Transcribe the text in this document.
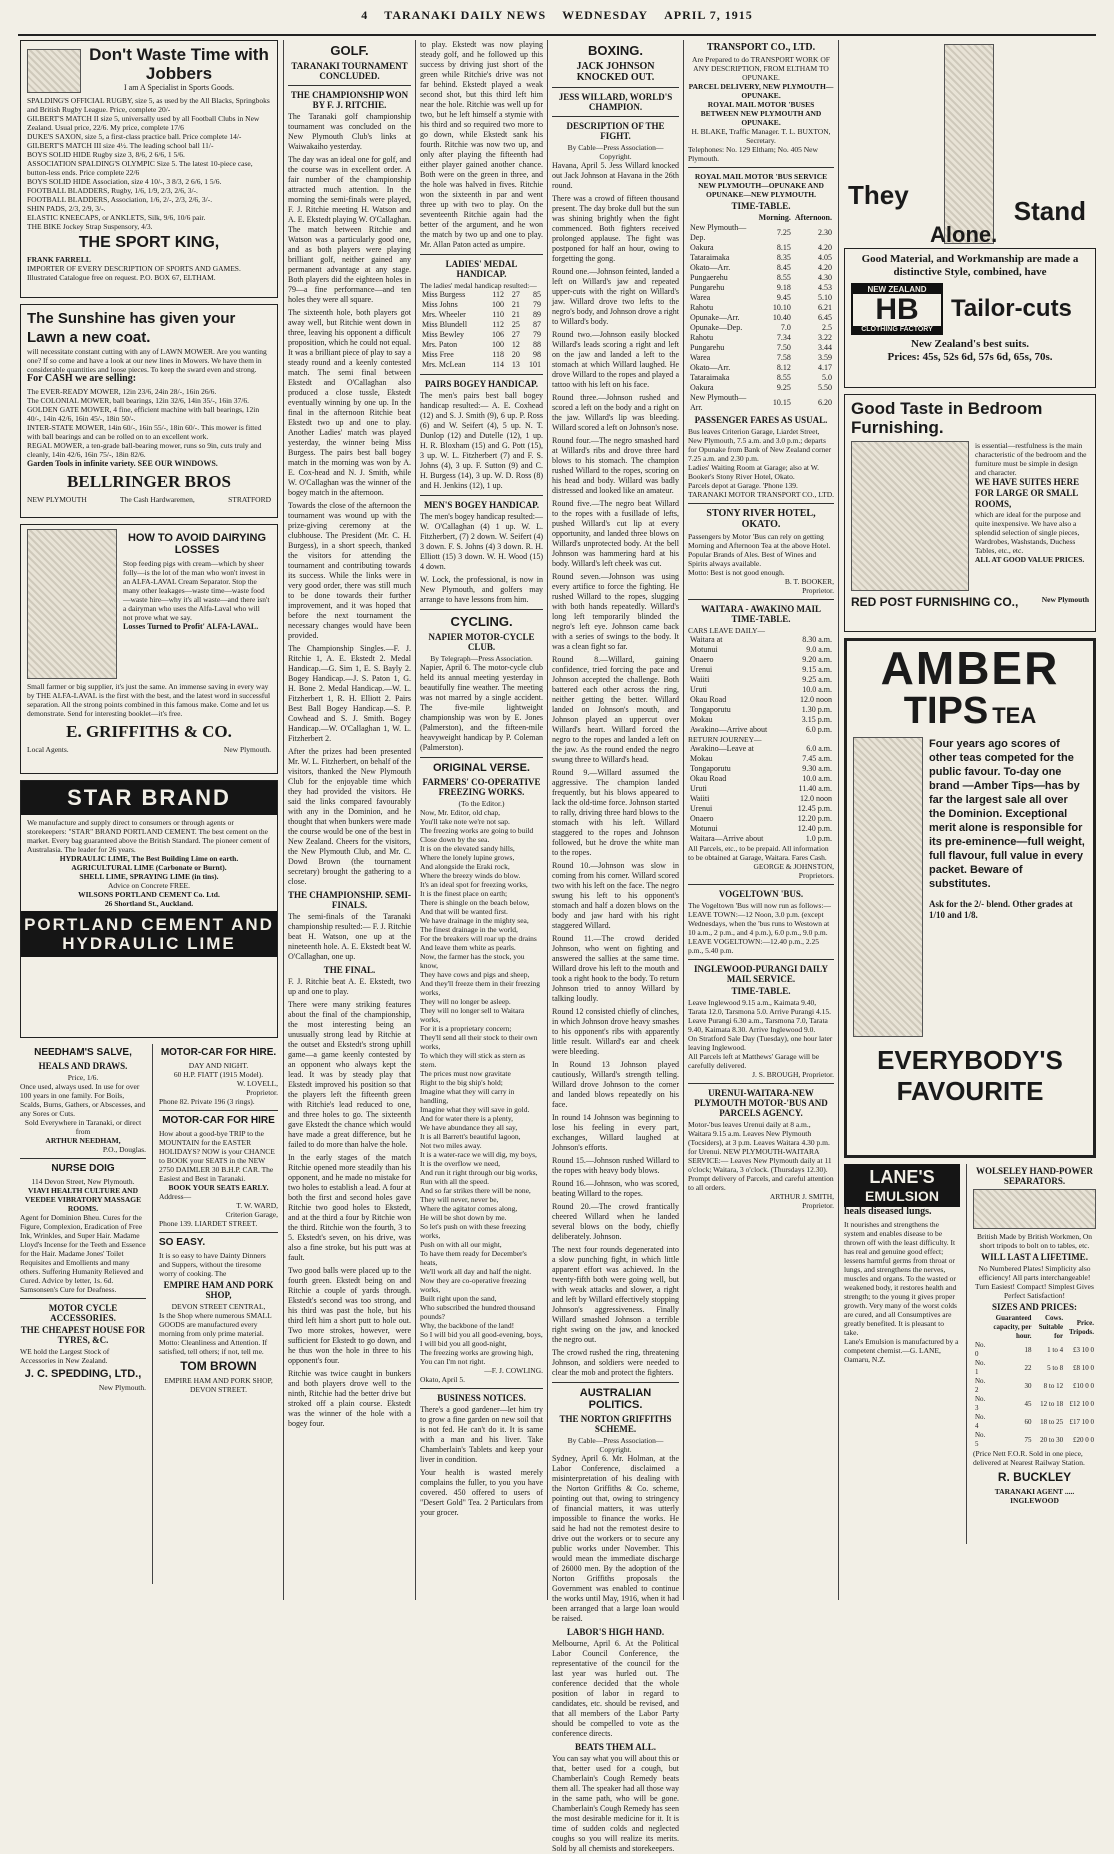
4 TARANAKI DAILY NEWS WEDNESDAY APRIL 7, 1915
Don't Waste Time with Jobbers
I am A Specialist in Sports Goods.
SPALDING'S OFFICIAL RUGBY, size 5, as used by the All Blacks, Springboks and British Rugby League. Price, complete 20/-
GILBERT'S MATCH II size 5, universally used by all Football Clubs in New Zealand. Usual price, 22/6. My price, complete 17/6
DUKE'S SAXON, size 5, a first-class practice ball. Price complete 14/-
GILBERT'S MATCH III size 4½. The leading school ball 11/-
BOYS SOLID HIDE Rugby size 3, 8/6, 2 6/6, 1 5/6.
ASSOCIATION SPALDING'S OLYMPIC Size 5. The latest 10-piece case, button-less ends. Price complete 22/6
BOYS SOLID HIDE Association, size 4 10/-, 3 8/3, 2 6/6, 1 5/6.
FOOTBALL BLADDERS, Rugby, 1/6, 1/9, 2/3, 2/6, 3/-.
FOOTBALL BLADDERS, Association, 1/6, 2/-, 2/3, 2/6, 3/-.
SHIN PADS, 2/3, 2/9, 3/-.
ELASTIC KNEECAPS, or ANKLETS, Silk, 9/6, 10/6 pair.
THE BIKE Jockey Strap Suspensory, 4/3.
THE SPORT KING,
FRANK FARRELL
IMPORTER OF EVERY DESCRIPTION OF SPORTS AND GAMES.
Illustrated Catalogue free on request. P.O. BOX 67, ELTHAM.
The Sunshine has given your Lawn a new coat.
will necessitate constant cutting with any of LAWN MOWER. Are you wanting one? If so come and have a look at our new lines in Mowers. We have them in considerable quantities and loose pieces. To keep the sward even and strong.
For CASH we are selling:
The EVER-READY MOWER, 12in 23/6, 24in 28/-, 16in 26/6.
The COLONIAL MOWER, ball bearings, 12in 32/6, 14in 35/-, 16in 37/6.
GOLDEN GATE MOWER, 4 fine, efficient machine with ball bearings, 12in 40/-, 14in 42/6, 16in 45/-, 18in 50/-.
INTER-STATE MOWER, 14in 60/-, 16in 55/-, 18in 60/-. This mower is fitted with ball bearings and can be rolled on to an excellent work.
REGAL MOWER, a ten-grade ball-bearing mower, runs so 9in, cuts truly and cleanly, 14in 42/6, 16in 75/-, 18in 82/6.
Garden Tools in infinite variety. SEE OUR WINDOWS.
BELLRINGER BROS
NEW PLYMOUTH	The Cash Hardwaremen,	STRATFORD
HOW TO AVOID DAIRYING LOSSES
Stop feeding pigs with cream—which by sheer folly—is the lot of the man who won't invest in an ALFA-LAVAL Cream Separator. Stop the many other leakages—waste time—waste food—waste hire—why it's all waste—and there isn't a dairyman who uses the Alfa-Laval who will not prove what we say.
Losses Turned to Profit' ALFA-LAVAL.
Small farmer or big supplier, it's just the same. An immense saving in every way by THE ALFA-LAVAL is the first with the best, and the latest word in successful separation. All the strong points combined in this famous make. Come and let us demonstrate. Send for interesting booklet—it's free.
E. GRIFFITHS & CO.
Local Agents.	New Plymouth.
STAR BRAND
We manufacture and supply direct to consumers or through agents or storekeepers: "STAR" BRAND PORTLAND CEMENT. The best cement on the market. Every bag guaranteed above the British Standard. The pioneer cement of Australasia. The leader for 26 years.
HYDRAULIC LIME, The Best Building Lime on earth.
AGRICULTURAL LIME (Carbonate or Burnt).
SHELL LIME, SPRAYING LIME (in tins).
Advice on Concrete FREE.
WILSONS PORTLAND CEMENT Co. Ltd.
26 Shortland St., Auckland.
PORTLAND CEMENT AND HYDRAULIC LIME
NEEDHAM'S SALVE,
HEALS AND DRAWS.
Price, 1/6.
Once used, always used. In use for over 100 years in one family. For Boils, Scalds, Burns, Gathers, or Abscesses, and any Sores or Cuts.
Sold Everywhere in Taranaki, or direct from
ARTHUR NEEDHAM,
P.O., Douglas.
NURSE DOIG
114 Devon Street, New Plymouth.
VIAVI HEALTH CULTURE AND VEEDEE VIBRATORY MASSAGE ROOMS.
Agent for Dominion Bheu. Cures for the Figure, Complexion, Eradication of Free Ink, Wrinkles, and Super Hair. Madame Lloyd's Incense for the Teeth and Essence for the Hair. Madame Jones' Toilet Requisites and Emollients and many others. Suffering Humanity Relieved and Cured. Advice by letter, 1s. 6d. Samsonsen's Cure for Deafness.
MOTOR CYCLE ACCESSORIES.
THE CHEAPEST HOUSE FOR TYRES, &C.
WE hold the Largest Stock of Accessories in New Zealand.
J. C. SPEDDING, LTD.,
New Plymouth.
MOTOR-CAR FOR HIRE.
DAY AND NIGHT.
60 H.P. FIATT (1915 Model).
W. LOVELL,
Proprietor.
Phone 82. Private 196 (3 rings).
MOTOR-CAR FOR HIRE
How about a good-bye TRIP to the MOUNTAIN for the EASTER HOLIDAYS? NOW is your CHANCE to BOOK your SEATS in the NEW 2750 DAIMLER 30 B.H.P. CAR. The Easiest and Best in Taranaki.
BOOK YOUR SEATS EARLY.
Address—
T. W. WARD,
Criterion Garage,
Phone 139. LIARDET STREET.
SO EASY.
It is so easy to have Dainty Dinners and Suppers, without the tiresome worry of cooking. The
EMPIRE HAM AND PORK SHOP,
DEVON STREET CENTRAL,
Is the Shop where numerous SMALL GOODS are manufactured every morning from only prime material.
Motto: Cleanliness and Attention. If satisfied, tell others; if not, tell me.
TOM BROWN
EMPIRE HAM AND PORK SHOP, DEVON STREET.
GOLF.
TARANAKI TOURNAMENT CONCLUDED.
THE CHAMPIONSHIP WON BY F. J. RITCHIE.
The Taranaki golf championship tournament was concluded on the New Plymouth Club's links at Waiwakaiho yesterday.
The day was an ideal one for golf, and the course was in excellent order. A fair number of the championship attracted much attention. In the morning the semi-finals were played, F. J. Ritchie meeting H. Watson and A. E. Ekstedt playing W. O'Callaghan. The match between Ritchie and Watson was a particularly good one, and as both players were playing brilliant golf, neither gained any permanent advantage at any stage. Both players did the eighteen holes in 79—a fine performance—and ten holes they were all square.
The sixteenth hole, both players got away well, but Ritchie went down in three, leaving his opponent a difficult proposition, which he could not equal. It was a brilliant piece of play to say a steady round and a keenly contested match. The semi final between Ekstedt and O'Callaghan also produced a close tussle, Ekstedt eventually winning by one up. In the final in the afternoon Ritchie beat Ekstedt two up and one to play. Another Ladies' match was played yesterday, the winner being Miss Burgess. The pairs best ball bogey match in the morning was won by A. E. Cox-head and N. J. Smith, while W. O'Callaghan was the winner of the bogey match in the afternoon.
Towards the close of the afternoon the tournament was wound up with the prize-giving ceremony at the clubhouse. The President (Mr. C. H. Burgess), in a short speech, thanked the visitors for attending the tournament and contributing towards its success. While the links were in very good order, there was still much to be done towards their further improvement, and it was hoped that before the next tournament the necessary changes would have been provided.
The Championship Singles.—F. J. Ritchie 1, A. E. Ekstedt 2. Medal Handicap.—G. Sim 1, E. S. Bayly 2. Bogey Handicap.—J. S. Paton 1, G. H. Bone 2. Medal Handicap.—W. L. Fitzherbert 1, R. H. Elliott 2. Pairs Best Ball Bogey Handicap.—S. P. Cowhead and S. J. Smith. Bogey Handicap.—W. O'Callaghan 1, W. L. Fitzherbert 2.
After the prizes had been presented Mr. W. L. Fitzherbert, on behalf of the visitors, thanked the New Plymouth Club for the enjoyable time which they had provided the visitors. He said the links compared favourably with any in the Dominion, and he thought that when bunkers were made the course would be one of the best in New Zealand. Cheers for the visitors, the New Plymouth Club, and Mr. C. Dowd Brown (the tournament secretary) brought the gathering to a close.
THE CHAMPIONSHIP. SEMI-FINALS.
The semi-finals of the Taranaki championship resulted:— F. J. Ritchie beat H. Watson, one up at the nineteenth hole. A. E. Ekstedt beat W. O'Callaghan, one up.
THE FINAL.
F. J. Ritchie beat A. E. Ekstedt, two up and one to play.
There were many striking features about the final of the championship, the most interesting being an unusually strong lead by Ritchie at the outset and Ekstedt's strong uphill game—a game keenly contested by an opponent who always kept the lead. It was by steady play that Ekstedt improved his position so that the players left the fifteenth green with Ritchie's lead reduced to one, and three holes to go. The sixteenth gave Ekstedt the chance which would have made a great difference, but he failed to do more than halve the hole.
In the early stages of the match Ritchie opened more steadily than his opponent, and he made no mistake for two holes to establish a lead. A four at both the first and second holes gave Ritchie two good holes to Ekstedt, and at the third a four by Ritchie won the third. Ritchie won the fourth, 3 to 5. Ekstedt's seven, on his drive, was also a fine stroke, but his putt was at fault.
Two good balls were placed up to the fourth green. Ekstedt being on and Ritchie a couple of yards through. Ekstedt's second was too strong, and his third was past the hole, but his third left him a short putt to hole out. Two more strokes, however, were sufficient for Ekstedt to go down, and he thus won the hole in three to his opponent's four.
Ritchie was twice caught in bunkers and both players drove well to the ninth, Ritchie had the better drive but stroked off a plain course. Ekstedt was the winner of the hole with a bogey four.
to play. Ekstedt was now playing steady golf, and he followed up this success by driving just short of the green while Ritchie's drive was not far behind. Ekstedt played a weak second shot, but this third left him near the hole. Ritchie was well up for two, but he left himself a stymie with his third and so required two more to go down, while Ekstedt sank his fourth. Ritchie was now two up, and only after playing the fifteenth had either player gained another chance. Both were on the green in three, and the hole was halved in fives. Ritchie won the sixteenth in par and went three up with two to play. On the seventeenth Ritchie again had the better of the argument, and he won the match by two up and one to play. Mr. Allan Paton acted as umpire.
LADIES' MEDAL HANDICAP.
The ladies' medal handicap resulted:—
Miss Burgess	112	27	85
Miss Johns	100	21	79
Mrs. Wheeler	110	21	89
Miss Blundell	112	25	87
Miss Bewley	106	27	79
Mrs. Paton	100	12	88
Miss Free	118	20	98
Mrs. McLean	114	13	101
PAIRS BOGEY HANDICAP.
The men's pairs best ball bogey handicap resulted:— A. E. Coxhead (12) and S. J. Smith (9), 6 up. P. Ross (6) and W. Seifert (4), 5 up. N. T. Dunlop (12) and Dutelle (12), 1 up. H. R. Bloxham (15) and G. Pott (15), 3 up. W. L. Fitzherbert (7) and F. S. Johns (4), 3 up. F. Sutton (9) and C. H. Burgess (14), 3 up. W. D. Ross (8) and H. Jenkins (12), 1 up.
MEN'S BOGEY HANDICAP.
The men's bogey handicap resulted:— W. O'Callaghan (4) 1 up. W. L. Fitzherbert, (7) 2 down. W. Seifert (4) 3 down. F. S. Johns (4) 3 down. R. H. Elliott (15) 3 down. W. H. Wood (15) 4 down.
W. Lock, the professional, is now in New Plymouth, and golfers may arrange to have lessons from him.
CYCLING.
NAPIER MOTOR-CYCLE CLUB.
By Telegraph—Press Association.
Napier, April 6. The motor-cycle club held its annual meeting yesterday in beautifully fine weather. The meeting was not marred by a single accident. The five-mile lightweight championship was won by E. Jones (Palmerston), and the fifteen-mile heavyweight handicap by P. Coleman (Palmerston).
ORIGINAL VERSE.
FARMERS' CO-OPERATIVE FREEZING WORKS.
(To the Editor.)
Now, Mr. Editor, old chap,
You'll take note we're not sap.
The freezing works are going to build
Close down by the sea.
It is on the elevated sandy hills,
Where the lonely lupine grows,
And alongside the Eraki rock,
Where the breezy winds do blow.
It's an ideal spot for freezing works,
It is the finest place on earth;
There is shingle on the beach below,
And that will be wanted first.
We have drainage in the mighty sea,
The finest drainage in the world,
For the breakers will roar up the drains
And leave them white as pearls.
Now, the farmer has the stock, you know,
They have cows and pigs and sheep,
And they'll freeze them in their freezing works,
They will no longer be asleep.
They will no longer sell to Waitara works,
For it is a proprietary concern;
They'll send all their stock to their own works,
To which they will stick as stern as stern.
The prices must now gravitate
Right to the big ship's hold;
Imagine what they will carry in handling,
Imagine what they will save in gold.
And for water there is a plenty,
We have abundance they all say,
It is all Barrett's beautiful lagoon,
Not two miles away.
It is a water-race we will dig, my boys,
It is the overflow we need,
And run it right through our big works,
Run with all the speed.
And so far strikes there will be none,
They will never, never be,
Where the agitator comes along,
He will be shot down by me.
So let's push on with these freezing works,
Push on with all our might,
To have them ready for December's heats,
We'll work all day and half the night.
Now they are co-operative freezing works,
Built right upon the sand,
Who subscribed the hundred thousand pounds?
Why, the backbone of the land!
So I will bid you all good-evening, boys,
I will bid you all good-night,
The freezing works are growing high,
You can I'm not right.
—F. J. COWLING.
Okato, April 5.
BUSINESS NOTICES.
There's a good gardener—let him try to grow a fine garden on new soil that is not fed. He can't do it. It is same with a man and his liver. Take Chamberlain's Tablets and keep your liver in condition.
Your health is wasted merely complains the fuller, to you you have covered. 450 offered to users of "Desert Gold" Tea. 2 Particulars from your grocer.
BOXING.
JACK JOHNSON KNOCKED OUT.
JESS WILLARD, WORLD'S CHAMPION.
DESCRIPTION OF THE FIGHT.
By Cable—Press Association—Copyright.
Havana, April 5. Jess Willard knocked out Jack Johnson at Havana in the 26th round.
There was a crowd of fifteen thousand present. The day broke dull but the sun was shining brightly when the fight commenced. Both fighters received prolonged applause. The fight was postponed for half an hour, owing to forgetting the gong.
Round one.—Johnson feinted, landed a left on Willard's jaw and repeated upper-cuts with the right on Willard's jaw. Willard drove two lefts to the negro's body, and Johnson drove a right to Willard's body.
Round two.—Johnson easily blocked Willard's leads scoring a right and left on the jaw and landed a left to the stomach at which Willard laughed. He drove Willard to the ropes and played a tattoo with his left on his face.
Round three.—Johnson rushed and scored a left on the body and a right on the jaw. Willard's lip was bleeding. Willard scored a left on Johnson's nose.
Round four.—The negro smashed hard at Willard's ribs and drove three hard blows to his stomach. The champion rushed Willard to the ropes, scoring on his head and body. Willard was badly distressed and looked like an amateur.
Round five.—The negro beat Willard to the ropes with a fusillade of lefts, pushed Willard's cut lip at every opportunity, and landed three blows on Willard's unprotected body. At the bell Johnson was hammering hard at his body. Willard's left cheek was cut.
Round seven.—Johnson was using every artifice to force the fighting. He rushed Willard to the ropes, slugging with both hands repeatedly. Willard's long left temporarily blinded the negro's left eye. Johnson came back with a series of swings to the body. It was a clean fight so far.
Round 8.—Willard, gaining confidence, tried forcing the pace and Johnson accepted the challenge. Both battered each other across the ring, neither getting the better. Willard landed on Johnson's mouth, and Johnson played an uppercut over Willard's heart. Willard forced the negro to the ropes and landed a left on the jaw. As the round ended the negro swung three to Willard's head.
Round 9.—Willard assumed the aggressive. The champion landed frequently, but his blows appeared to lack the old-time force. Johnson started to rally, driving three hard blows to the stomach with his left. Willard staggered to the ropes and Johnson followed, but he drove the white man to the ropes.
Round 10.—Johnson was slow in coming from his corner. Willard scored two with his left on the face. The negro swung his left to his opponent's stomach and half a dozen blows on the body and jaw hard with his right staggered Willard.
Round 11.—The crowd derided Johnson, who went on fighting and answered the sallies at the same time. Willard drove his left to the mouth and took a right hook to the body. To return Johnson tried to annoy Willard by talking loudly.
Round 12 consisted chiefly of clinches, in which Johnson drove heavy smashes to his opponent's ribs with apparently little result. Willard's ear and cheek were bleeding.
In Round 13 Johnson played cautiously, Willard's strength telling. Willard drove Johnson to the corner and landed blows repeatedly on his face.
In round 14 Johnson was beginning to lose his feeling in every part, exchanges, Willard laughed at Johnson's efforts.
Round 15.—Johnson rushed Willard to the ropes with heavy body blows.
Round 16.—Johnson, who was scored, beating Willard to the ropes.
Round 20.—The crowd frantically cheered Willard when he landed several blows on the body, chiefly deliberately. Johnson.
The next four rounds degenerated into a slow punching fight, in which little apparent effort was achieved. In the twenty-fifth both were going well, but with weak attacks and slower, a right and left by Willard effectively stopping Johnson's aggressiveness. Finally Willard smashed Johnson a terrible right swing on the jaw, and knocked the negro out.
The crowd rushed the ring, threatening Johnson, and soldiers were needed to clear the mob and protect the fighters.
AUSTRALIAN POLITICS.
THE NORTON GRIFFITHS SCHEME.
By Cable—Press Association—Copyright.
Sydney, April 6. Mr. Holman, at the Labor Conference, disclaimed a misinterpretation of his dealing with the Norton Griffiths & Co. scheme, pointing out that, owing to stringency of financial matters, it was utterly impossible to finance the works. He said he had not the remotest desire to drive out the workers or to secure any public works under November. This would mean the immediate discharge of 26000 men. By the adoption of the Norton Griffiths proposals the Government was enabled to continue the works until May, 1916, when it had been arranged that a large loan would be raised.
LABOR'S HIGH HAND.
Melbourne, April 6. At the Political Labor Council Conference, the representative of the council for the last year was hurled out. The conference decided that the whole position of labor in regard to candidates, etc. should be revised, and that all members of the Labor Party should be compelled to vote as the conference directs.
BEATS THEM ALL.
You can say what you will about this or that, better used for a cough, but Chamberlain's Cough Remedy beats them all. The speaker had all those way in the same path, who will be gone. Chamberlain's Cough Remedy has seen the most desirable medicine for it. It is time of sudden colds and neglected coughs so you will realize its merits. Sold by all chemists and storekeepers.
TRANSPORT CO., LTD.
Are Prepared to do TRANSPORT WORK OF ANY DESCRIPTION, FROM ELTHAM TO OPUNAKE.
PARCEL DELIVERY, NEW PLYMOUTH—OPUNAKE.
ROYAL MAIL MOTOR 'BUSES BETWEEN NEW PLYMOUTH AND OPUNAKE.
H. BLAKE, Traffic Manager. T. L. BUXTON, Secretary.
Telephones: No. 129 Eltham; No. 405 New Plymouth.
ROYAL MAIL MOTOR 'BUS SERVICE NEW PLYMOUTH—OPUNAKE AND OPUNAKE—NEW PLYMOUTH.
TIME-TABLE.
	Morning.	Afternoon.
New Plymouth—Dep.	7.25	2.30
Oakura	8.15	4.20
Tataraimaka	8.35	4.05
Okato—Arr.	8.45	4.20
Pungaerehu	8.55	4.30
Pungarehu	9.18	4.53
Warea	9.45	5.10
Rahotu	10.10	6.21
Opunake—Arr.	10.40	6.45
Opunake—Dep.	7.0	2.5
Rahotu	7.34	3.22
Pungarehu	7.50	3.44
Warea	7.58	3.59
Okato—Arr.	8.12	4.17
Tataraimaka	8.55	5.0
Oakura	9.25	5.50
New Plymouth—Arr.	10.15	6.20
PASSENGER FARES AS USUAL.
Bus leaves Criterion Garage, Liardet Street, New Plymouth, 7.5 a.m. and 3.0 p.m.; departs for Opunake from Bank of New Zealand corner 7.25 a.m. and 2.30 p.m.
Ladies' Waiting Room at Garage; also at W. Booker's Stony River Hotel, Okato.
Parcels depot at Garage. 'Phone 139. TARANAKI MOTOR TRANSPORT CO., LTD.
STONY RIVER HOTEL, OKATO.
Passengers by Motor 'Bus can rely on getting Morning and Afternoon Tea at the above Hotel.
Popular Brands of Ales. Best of Wines and Spirits always available.
Motto: Best is not good enough.
B. T. BOOKER,
Proprietor.
WAITARA - AWAKINO MAIL TIME-TABLE.
CARS LEAVE DAILY—
Waitara at	8.30 a.m.
Motunui	9.0 a.m.
Onaero	9.20 a.m.
Urenui	9.15 a.m.
Waiiti	9.25 a.m.
Uruti	10.0 a.m.
Okau Road	12.0 noon
Tongaporutu	1.30 p.m.
Mokau	3.15 p.m.
Awakino—Arrive about	6.0 p.m.
RETURN JOURNEY—
Awakino—Leave at	6.0 a.m.
Mokau	7.45 a.m.
Tongaporutu	9.30 a.m.
Okau Road	10.0 a.m.
Uruti	11.40 a.m.
Waiiti	12.0 noon
Urenui	12.45 p.m.
Onaero	12.20 p.m.
Motunui	12.40 p.m.
Waitara—Arrive about	1.0 p.m.
All Parcels, etc., to be prepaid. All information to be obtained at Garage, Waitara. Fares Cash.
GEORGE & JOHNSTON,
Proprietors.
VOGELTOWN 'BUS.
The Vogeltown 'Bus will now run as follows:—
LEAVE TOWN:—12 Noon, 3.0 p.m. (except Wednesdays, when the 'bus runs to Westown at 10 a.m., 2 p.m., and 4 p.m.), 6.0 p.m., 9.0 p.m.
LEAVE VOGELTOWN:—12.40 p.m., 2.25 p.m., 5.40 p.m.
INGLEWOOD-PURANGI DAILY MAIL SERVICE.
TIME-TABLE.
Leave Inglewood 9.15 a.m., Kaimata 9.40, Tarata 12.0, Tarsmona 5.0. Arrive Purangi 4.15. Leave Purangi 6.30 a.m., Tarsmona 7.0, Tarata 9.40, Kaimata 8.30. Arrive Inglewood 9.0.
On Stratford Sale Day (Tuesday), one hour later leaving Inglewood.
All Parcels left at Matthews' Garage will be carefully delivered.
J. S. BROUGH, Proprietor.
URENUI-WAITARA-NEW PLYMOUTH MOTOR-'BUS AND PARCELS AGENCY.
Motor-'bus leaves Urenui daily at 8 a.m., Waitara 9.15 a.m. Leaves New Plymouth (Tocsiders), at 3 p.m. Leaves Waitara 4.30 p.m. for Urenui. NEW PLYMOUTH-WAITARA SERVICE:— Leaves New Plymouth daily at 11 o'clock; Waitara, 3 o'clock. (Thursdays 12.30).
Prompt delivery of Parcels, and careful attention to all orders.
ARTHUR J. SMITH,
Proprietor.
They
Stand
Alone.
Good Material, and Workmanship are made a distinctive Style, combined, have
NEW ZEALAND
HB
CLOTHING FACTORY
Tailor-cuts
New Zealand's best suits.
Prices: 45s, 52s 6d, 57s 6d, 65s, 70s.
Good Taste in Bedroom Furnishing.
is essential—restfulness is the main characteristic of the bedroom and the furniture must be simple in design and character.
WE HAVE SUITES HERE FOR LARGE OR SMALL ROOMS,
which are ideal for the purpose and quite inexpensive. We have also a splendid selection of single pieces, Wardrobes, Washstands, Duchess Tables, etc., etc.
ALL AT GOOD VALUE PRICES.
RED POST FURNISHING CO.,	New Plymouth
AMBER
TIPS TEA
Four years ago scores of other teas competed for the public favour. To-day one brand —Amber Tips—has by far the largest sale all over the Dominion. Exceptional merit alone is responsible for its pre-eminence—full weight, full flavour, full value in every packet. Beware of substitutes.
Ask for the 2/- blend. Other grades at 1/10 and 1/8.
EVERYBODY'S
FAVOURITE
LANE'S
EMULSION
heals diseased lungs.
It nourishes and strengthens the system and enables disease to be thrown off with the least difficulty. It has real and genuine good effect; lessens harmful germs from throat or lungs, and strengthens the nerves, muscles and organs. To the wasted or weakened body, it restores health and strength; to the young it gives proper growth. Very many of the worst colds are cured, and all Consumptives are greatly benefited. It is pleasant to take.
Lane's Emulsion is manufactured by a competent chemist.—G. LANE, Oamaru, N.Z.
WOLSELEY HAND-POWER SEPARATORS.
British Made by British Workmen, On short tripods to bolt on to tables, etc.
WILL LAST A LIFETIME.
No Numbered Plates! Simplicity also efficiency! All parts interchangeable! Turn Easiest! Compact! Simplest Gives Perfect Satisfaction!
SIZES AND PRICES:
	Guaranteed capacity, per hour.	Cows. Suitable for	Price. Tripods.
No. 0	18	1 to 4	£3 10 0
No. 1	22	5 to 8	£8 10 0
No. 2	30	8 to 12	£10 0 0
No. 3	45	12 to 18	£12 10 0
No. 4	60	18 to 25	£17 10 0
No. 5	75	20 to 30	£20 0 0
(Price Nett F.O.R. Sold in one piece, delivered at Nearest Railway Station.
R. BUCKLEY
TARANAKI AGENT ..... INGLEWOOD
